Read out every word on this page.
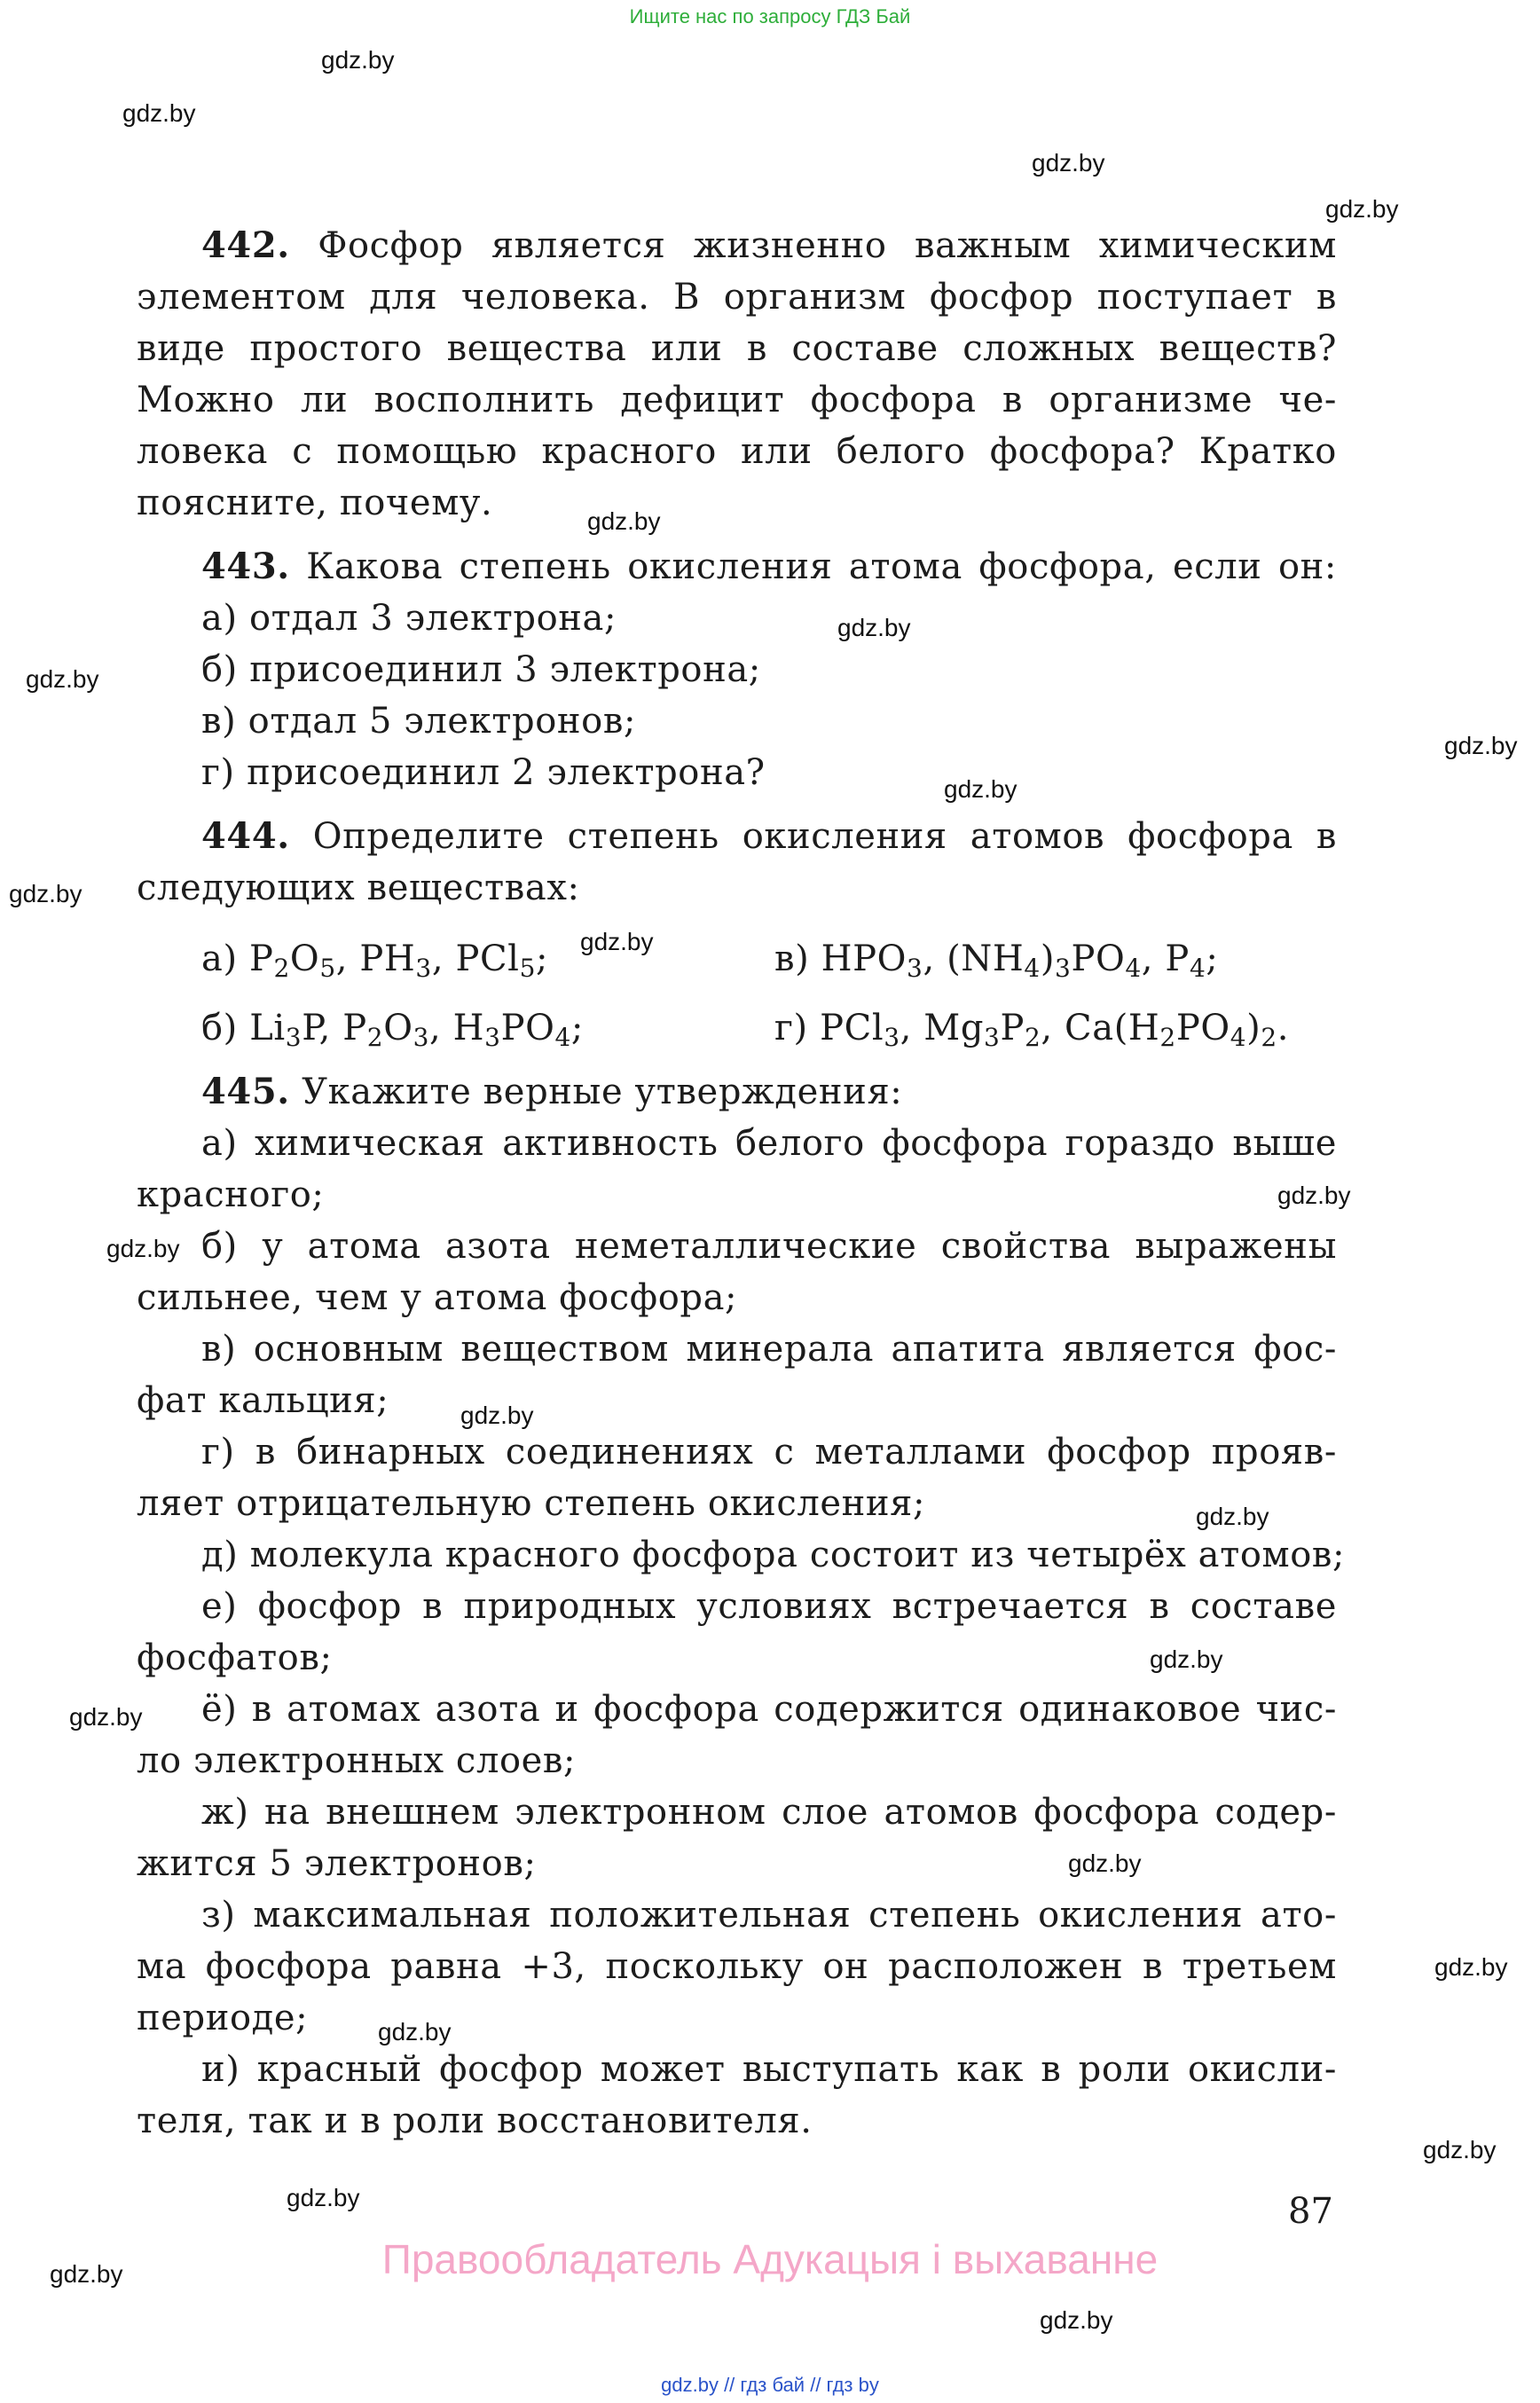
Ищите нас по запросу ГДЗ Бай
gdz.by
gdz.by
gdz.by
gdz.by
gdz.by
gdz.by
gdz.by
gdz.by
gdz.by
gdz.by
gdz.by
gdz.by
gdz.by
gdz.by
gdz.by
gdz.by
gdz.by
gdz.by
gdz.by
gdz.by
gdz.by
gdz.by
gdz.by
gdz.by
442. Фосфор является жизненно важным химическим
элементом для человека. В организм фосфор поступает в
виде простого вещества или в составе сложных веществ?
Можно ли восполнить дефицит фосфора в организме че-
ловека с помощью красного или белого фосфора? Кратко
поясните, почему.
443. Какова степень окисления атома фосфора, если он:
а) отдал 3 электрона;
б) присоединил 3 электрона;
в) отдал 5 электронов;
г) присоединил 2 электрона?
444. Определите степень окисления атомов фосфора в
следующих веществах:
а) $P_2O_5$, $PH_3$, PCl$_5$;	в) $HPO_3$, $(NH_4)_3PO_4$, $P_4$;
б) $Li_3P$, $P_2O_3$, $H_3PO_4$;	г) PCl$_3$, $Mg_3P_2$, $Ca(H_2PO_4)_2$.
445. Укажите верные утверждения:
а) химическая активность белого фосфора гораздо выше
красного;
б) у атома азота неметаллические свойства выражены
сильнее, чем у атома фосфора;
в) основным веществом минерала апатита является фос-
фат кальция;
г) в бинарных соединениях с металлами фосфор прояв-
ляет отрицательную степень окисления;
д) молекула красного фосфора состоит из четырёх атомов;
е) фосфор в природных условиях встречается в составе
фосфатов;
ё) в атомах азота и фосфора содержится одинаковое чис-
ло электронных слоев;
ж) на внешнем электронном слое атомов фосфора содер-
жится 5 электронов;
з) максимальная положительная степень окисления ато-
ма фосфора равна +3, поскольку он расположен в третьем
периоде;
и) красный фосфор может выступать как в роли окисли-
теля, так и в роли восстановителя.
87
Правообладатель Адукацыя і выхаванне
gdz.by // гдз бай // гдз by
